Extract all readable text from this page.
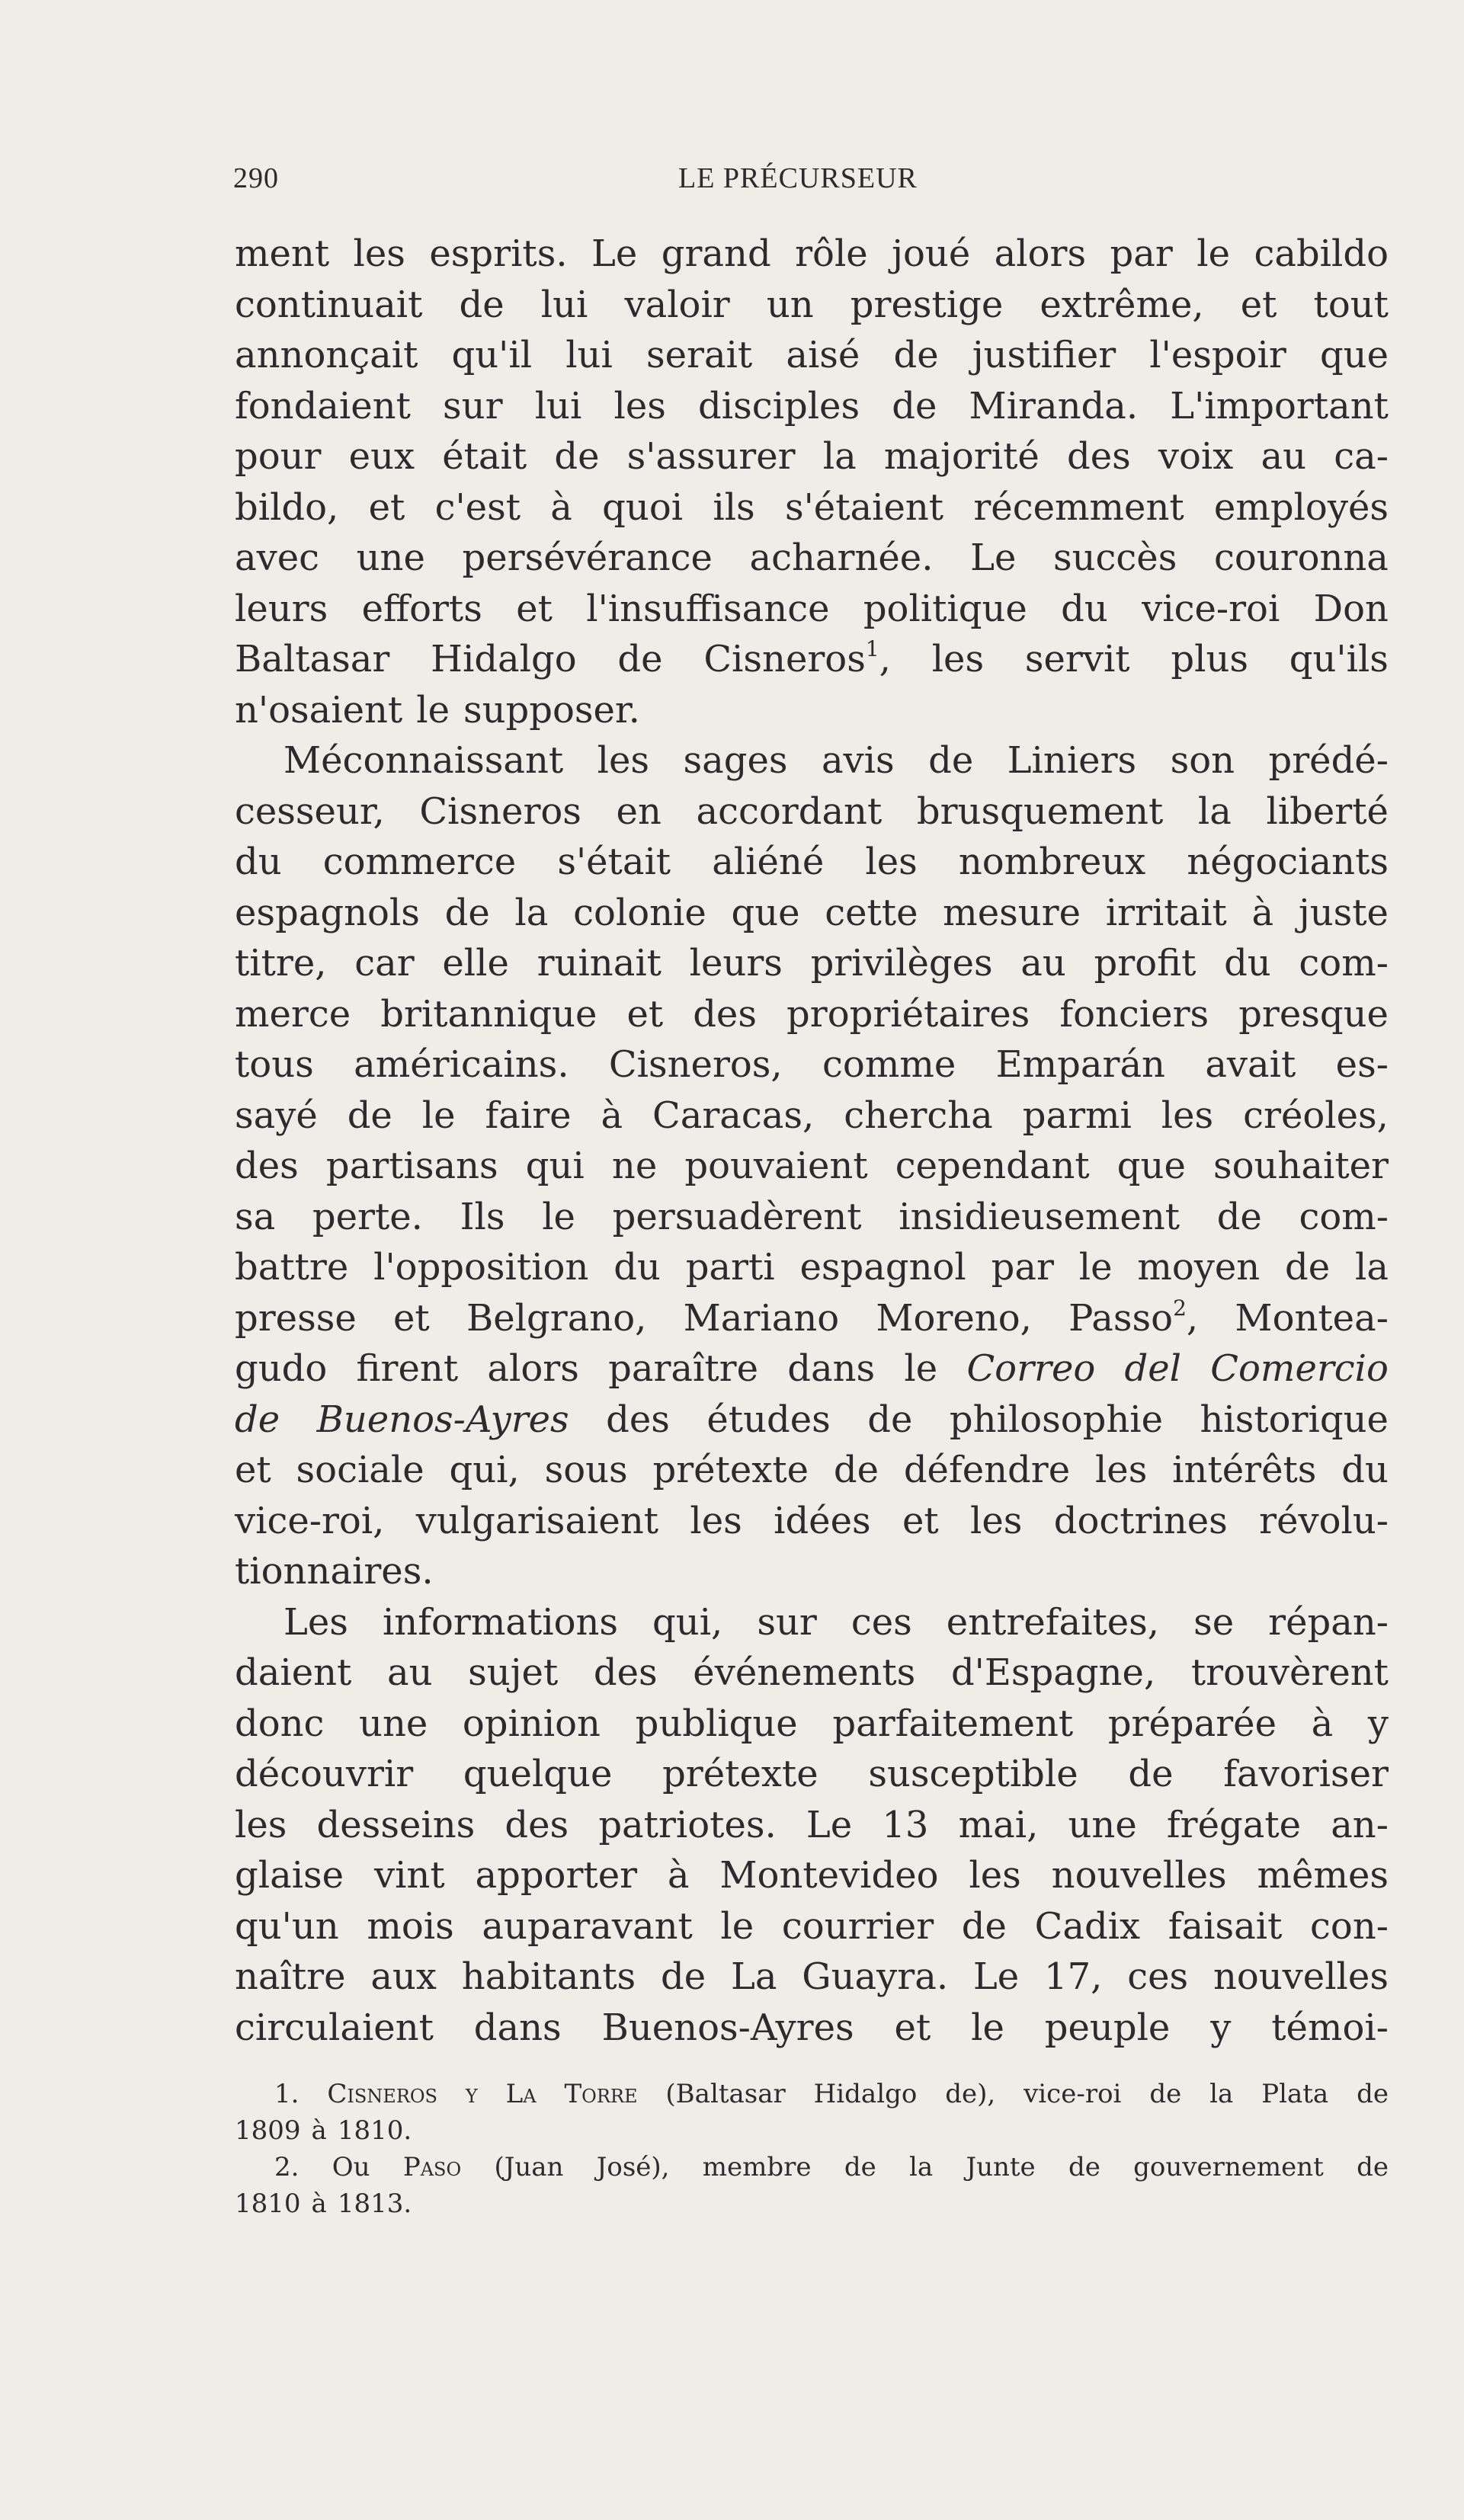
290	LE PRÉCURSEUR
ment les esprits. Le grand rôle joué alors par le cabildo
continuait de lui valoir un prestige extrême, et tout
annonçait qu'il lui serait aisé de justifier l'espoir que
fondaient sur lui les disciples de Miranda. L'important
pour eux était de s'assurer la majorité des voix au ca-
bildo, et c'est à quoi ils s'étaient récemment employés
avec une persévérance acharnée. Le succès couronna
leurs efforts et l'insuffisance politique du vice-roi Don
Baltasar Hidalgo de Cisneros$^1$, les servit plus qu'ils
n'osaient le supposer.
Méconnaissant les sages avis de Liniers son prédé-
cesseur, Cisneros en accordant brusquement la liberté
du commerce s'était aliéné les nombreux négociants
espagnols de la colonie que cette mesure irritait à juste
titre, car elle ruinait leurs privilèges au profit du com-
merce britannique et des propriétaires fonciers presque
tous américains. Cisneros, comme Emparán avait es-
sayé de le faire à Caracas, chercha parmi les créoles,
des partisans qui ne pouvaient cependant que souhaiter
sa perte. Ils le persuadèrent insidieusement de com-
battre l'opposition du parti espagnol par le moyen de la
presse et Belgrano, Mariano Moreno, Passo$^2$, Montea-
gudo firent alors paraître dans le Correo del Comercio
de Buenos-Ayres des études de philosophie historique
et sociale qui, sous prétexte de défendre les intérêts du
vice-roi, vulgarisaient les idées et les doctrines révolu-
tionnaires.
Les informations qui, sur ces entrefaites, se répan-
daient au sujet des événements d'Espagne, trouvèrent
donc une opinion publique parfaitement préparée à y
découvrir quelque prétexte susceptible de favoriser
les desseins des patriotes. Le 13 mai, une frégate an-
glaise vint apporter à Montevideo les nouvelles mêmes
qu'un mois auparavant le courrier de Cadix faisait con-
naître aux habitants de La Guayra. Le 17, ces nouvelles
circulaient dans Buenos-Ayres et le peuple y témoi-
1. Cisneros y La Torre (Baltasar Hidalgo de), vice-roi de la Plata de
1809 à 1810.
2. Ou Paso (Juan José), membre de la Junte de gouvernement de
1810 à 1813.
